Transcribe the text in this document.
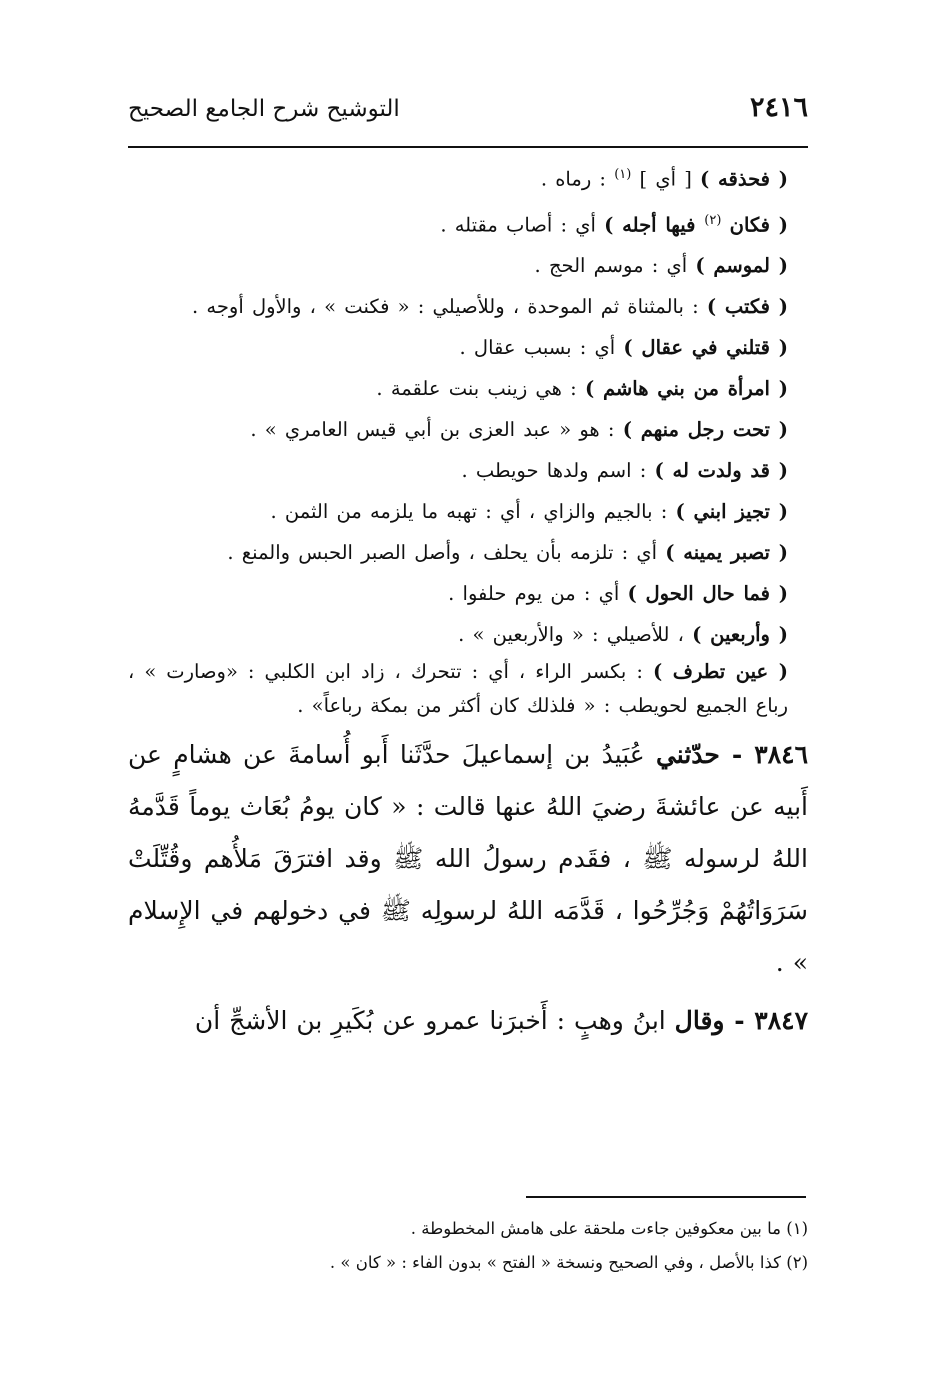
٢٤١٦
التوشيح شرح الجامع الصحيح

( فحذقه ) [ أي ] $^{(١)}$ : رماه .

( فكان $^{(٢)}$ فيها أجله ) أي : أصاب مقتله .

( لموسم ) أي : موسم الحج .

( فكتب ) : بالمثناة ثم الموحدة ، وللأصيلي : « فكنت » ، والأول أوجه .

( قتلني في عقال ) أي : بسبب عقال .

( امرأة من بني هاشم ) : هي زينب بنت علقمة .

( تحت رجل منهم ) : هو « عبد العزى بن أبي قيس العامري » .

( قد ولدت له ) : اسم ولدها حويطب .

( تجيز ابني ) : بالجيم والزاي ، أي : تهبه ما يلزمه من الثمن .

( تصبر يمينه ) أي : تلزمه بأن يحلف ، وأصل الصبر الحبس والمنع .

( فما حال الحول ) أي : من يوم حلفوا .

( وأربعين ) ، للأصيلي : « والأربعين » .

( عين تطرف ) : بكسر الراء ، أي : تتحرك ، زاد ابن الكلبي : «وصارت » ، رباع الجميع لحويطب : « فلذلك كان أكثر من بمكة رباعاً» .

٣٨٤٦ - حدّثني عُبَيدُ بن إسماعيلَ حدَّثَنا أَبو أُسامةَ عن هشامٍ عن أَبيه عن عائشةَ رضيَ اللهُ عنها قالت : « كان يومُ بُعَاث يوماً قَدَّمهُ اللهُ لرسوله ﷺ ، فقَدم رسولُ الله ﷺ وقد افترَقَ مَلأُهم وقُتِّلَتْ سَرَوَاتُهُمْ وَجُرِّحُوا ، قَدَّمَه اللهُ لرسولِه ﷺ في دخولهم في الإِسلام » .

٣٨٤٧ - وقال ابنُ وهبٍ : أَخبرَنا عمرو عن بُكَيرِ بن الأشجِّ أن

(١) ما بين معكوفين جاءت ملحقة على هامش المخطوطة .

(٢) كذا بالأصل ، وفي الصحيح ونسخة « الفتح » بدون الفاء : « كان » .
